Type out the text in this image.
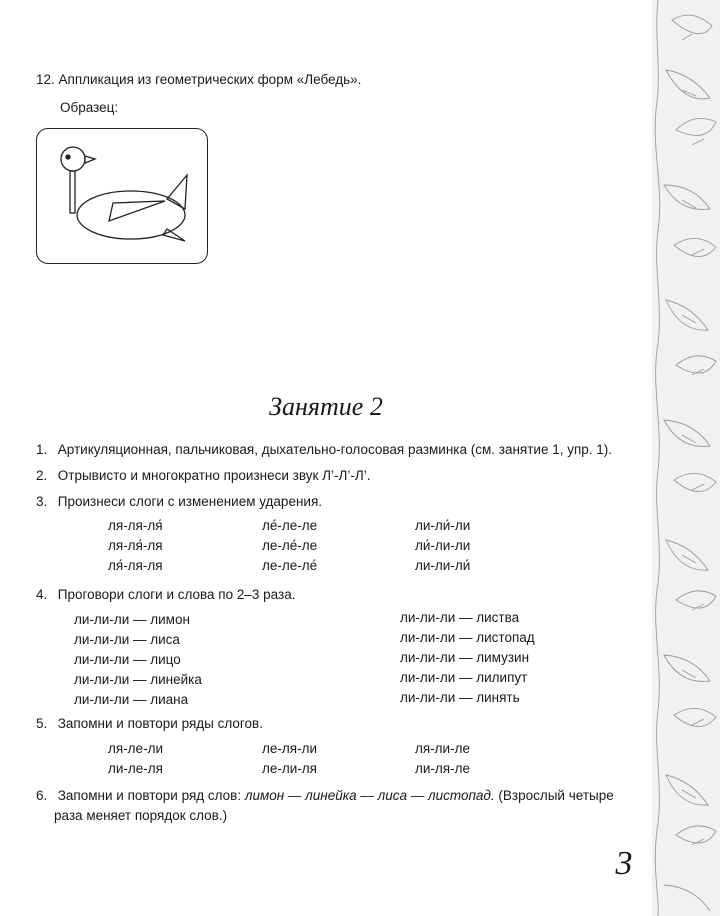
12. Аппликация из геометрических форм «Лебедь».
Образец:
Занятие 2
1. Артикуляционная, пальчиковая, дыхательно-голосовая разминка (см. занятие 1, упр. 1).
2. Отрывисто и многократно произнеси звук Л’-Л’-Л’.
3. Произнеси слоги с изменением ударения.
ля-ля-ля́
ля-ля́-ля
ля́-ля-ля
ле́-ле-ле
ле-ле́-ле
ле-ле-ле́
ли-ли́-ли
ли́-ли-ли
ли-ли-ли́
4. Проговори слоги и слова по 2–3 раза.
ли-ли-ли — лимон
ли-ли-ли — лиса
ли-ли-ли — лицо
ли-ли-ли — линейка
ли-ли-ли — лиана
ли-ли-ли — листва
ли-ли-ли — листопад
ли-ли-ли — лимузин
ли-ли-ли — лилипут
ли-ли-ли — линять
5. Запомни и повтори ряды слогов.
ля-ле-ли
ли-ле-ля
ле-ля-ли
ле-ли-ля
ля-ли-ле
ли-ля-ле
6. Запомни и повтори ряд слов: лимон — линейка — лиса — листопад. (Взрослый четыре
раза меняет порядок слов.)
3
